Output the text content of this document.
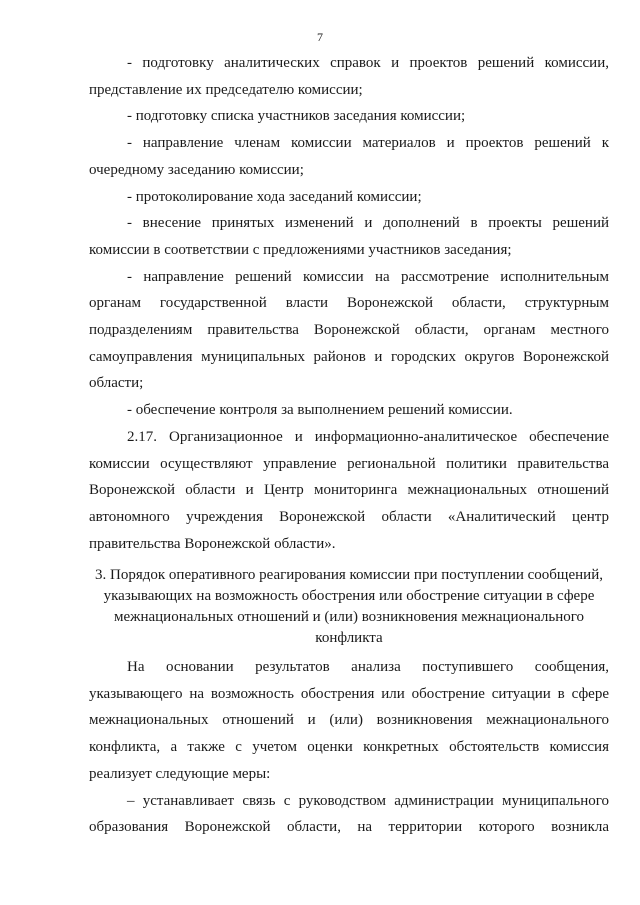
7

- подготовку аналитических справок и проектов решений комиссии,

представление их председателю комиссии;

- подготовку списка участников заседания комиссии;

- направление членам комиссии материалов и проектов решений к

очередному заседанию комиссии;

- протоколирование хода заседаний комиссии;

- внесение принятых изменений и дополнений в проекты решений

комиссии в соответствии с предложениями участников заседания;

- направление решений комиссии на рассмотрение исполнительным

органам государственной власти Воронежской области, структурным

подразделениям правительства Воронежской области, органам местного

самоуправления муниципальных районов и городских округов Воронежской

области;

- обеспечение контроля за выполнением решений комиссии.

2.17. Организационное и информационно-аналитическое обеспечение

комиссии осуществляют управление региональной политики правительства

Воронежской области и Центр мониторинга межнациональных отношений

автономного учреждения Воронежской области «Аналитический центр

правительства Воронежской области».

3. Порядок оперативного реагирования комиссии при поступлении сообщений,
указывающих на возможность обострения или обострение ситуации в сфере
межнациональных отношений и (или) возникновения межнационального
конфликта

На основании результатов анализа поступившего сообщения,

указывающего на возможность обострения или обострение ситуации в сфере

межнациональных отношений и (или) возникновения межнационального

конфликта, а также с учетом оценки конкретных обстоятельств комиссия

реализует следующие меры:

– устанавливает связь с руководством администрации муниципального

образования Воронежской области, на территории которого возникла
